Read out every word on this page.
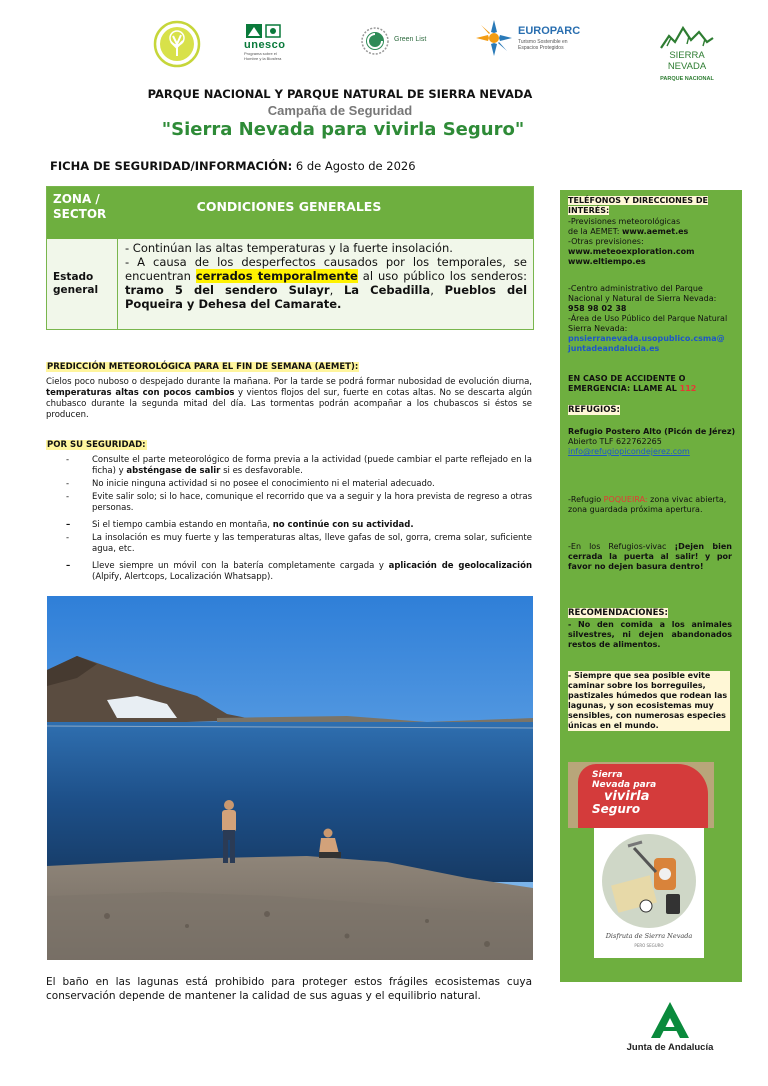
unesco
Programa sobre el Hombre y la Biosfera
Green List
EUROPARC
Turismo Sostenible en
Espacios Protegidos
SIERRA
NEVADA
PARQUE NACIONAL
PARQUE NACIONAL Y PARQUE NATURAL DE SIERRA NEVADA
Campaña de Seguridad
"Sierra Nevada para vivirla Seguro"
FICHA DE SEGURIDAD/INFORMACIÓN: 6 de Agosto de 2026
ZONA / SECTOR	CONDICIONES GENERALES
Estado general
- Continúan las altas temperaturas y la fuerte insolación.
- A causa de los desperfectos causados por los temporales, se encuentran cerrados temporalmente al uso público los senderos: tramo 5 del sendero Sulayr, La Cebadilla, Pueblos del Poqueira y Dehesa del Camarate.
PREDICCIÓN METEOROLÓGICA PARA EL FIN DE SEMANA (AEMET):
Cielos poco nuboso o despejado durante la mañana. Por la tarde se podrá formar nubosidad de evolución diurna, temperaturas altas con pocos cambios y vientos flojos del sur, fuerte en cotas altas. No se descarta algún chubasco durante la segunda mitad del día. Las tormentas podrán acompañar a los chubascos si éstos se producen.
POR SU SEGURIDAD:
-	Consulte el parte meteorológico de forma previa a la actividad (puede cambiar el parte reflejado en la ficha) y absténgase de salir si es desfavorable.
-	No inicie ninguna actividad si no posee el conocimiento ni el material adecuado.
-	Evite salir solo; si lo hace, comunique el recorrido que va a seguir y la hora prevista de regreso a otras personas.
–	Si el tiempo cambia estando en montaña, no continúe con su actividad.
-	La insolación es muy fuerte y las temperaturas altas, lleve gafas de sol, gorra, crema solar, suficiente agua, etc.
–	Lleve siempre un móvil con la batería completamente cargada y aplicación de geolocalización (Alpify, Alertcops, Localización Whatsapp).
El baño en las lagunas está prohibido para proteger estos frágiles ecosistemas cuya conservación depende de mantener la calidad de sus aguas y el equilibrio natural.
TELÉFONOS Y DIRECCIONES DE INTERÉS:
-Previsiones meteorológicas
de la AEMET: www.aemet.es
-Otras previsiones:
www.meteoexploration.com
www.eltiempo.es
-Centro administrativo del Parque Nacional y Natural de Sierra Nevada:
958 98 02 38
-Área de Uso Público del Parque Natural Sierra Nevada:
pnsierranevada.usopublico.csma@ juntadeandalucia.es
EN CASO DE ACCIDENTE O EMERGENCIA: LLAME AL 112
REFUGIOS:
Refugio Postero Alto (Picón de Jérez)
Abierto TLF 622762265
info@refugiopicondejerez.com
-Refugio POQUEIRA: zona vivac abierta, zona guardada próxima apertura.
-En los Refugios-vivac ¡Dejen bien cerrada la puerta al salir! y por favor no dejen basura dentro!
RECOMENDACIONES:
- No den comida a los animales silvestres, ni dejen abandonados restos de alimentos.
- Siempre que sea posible evite caminar sobre los borreguiles, pastizales húmedos que rodean las lagunas, y son ecosistemas muy sensibles, con numerosas especies únicas en el mundo.
Sierra
Nevada para
vivirla
Seguro
Disfruta de Sierra Nevada
PERO SEGURO
Junta de Andalucía
